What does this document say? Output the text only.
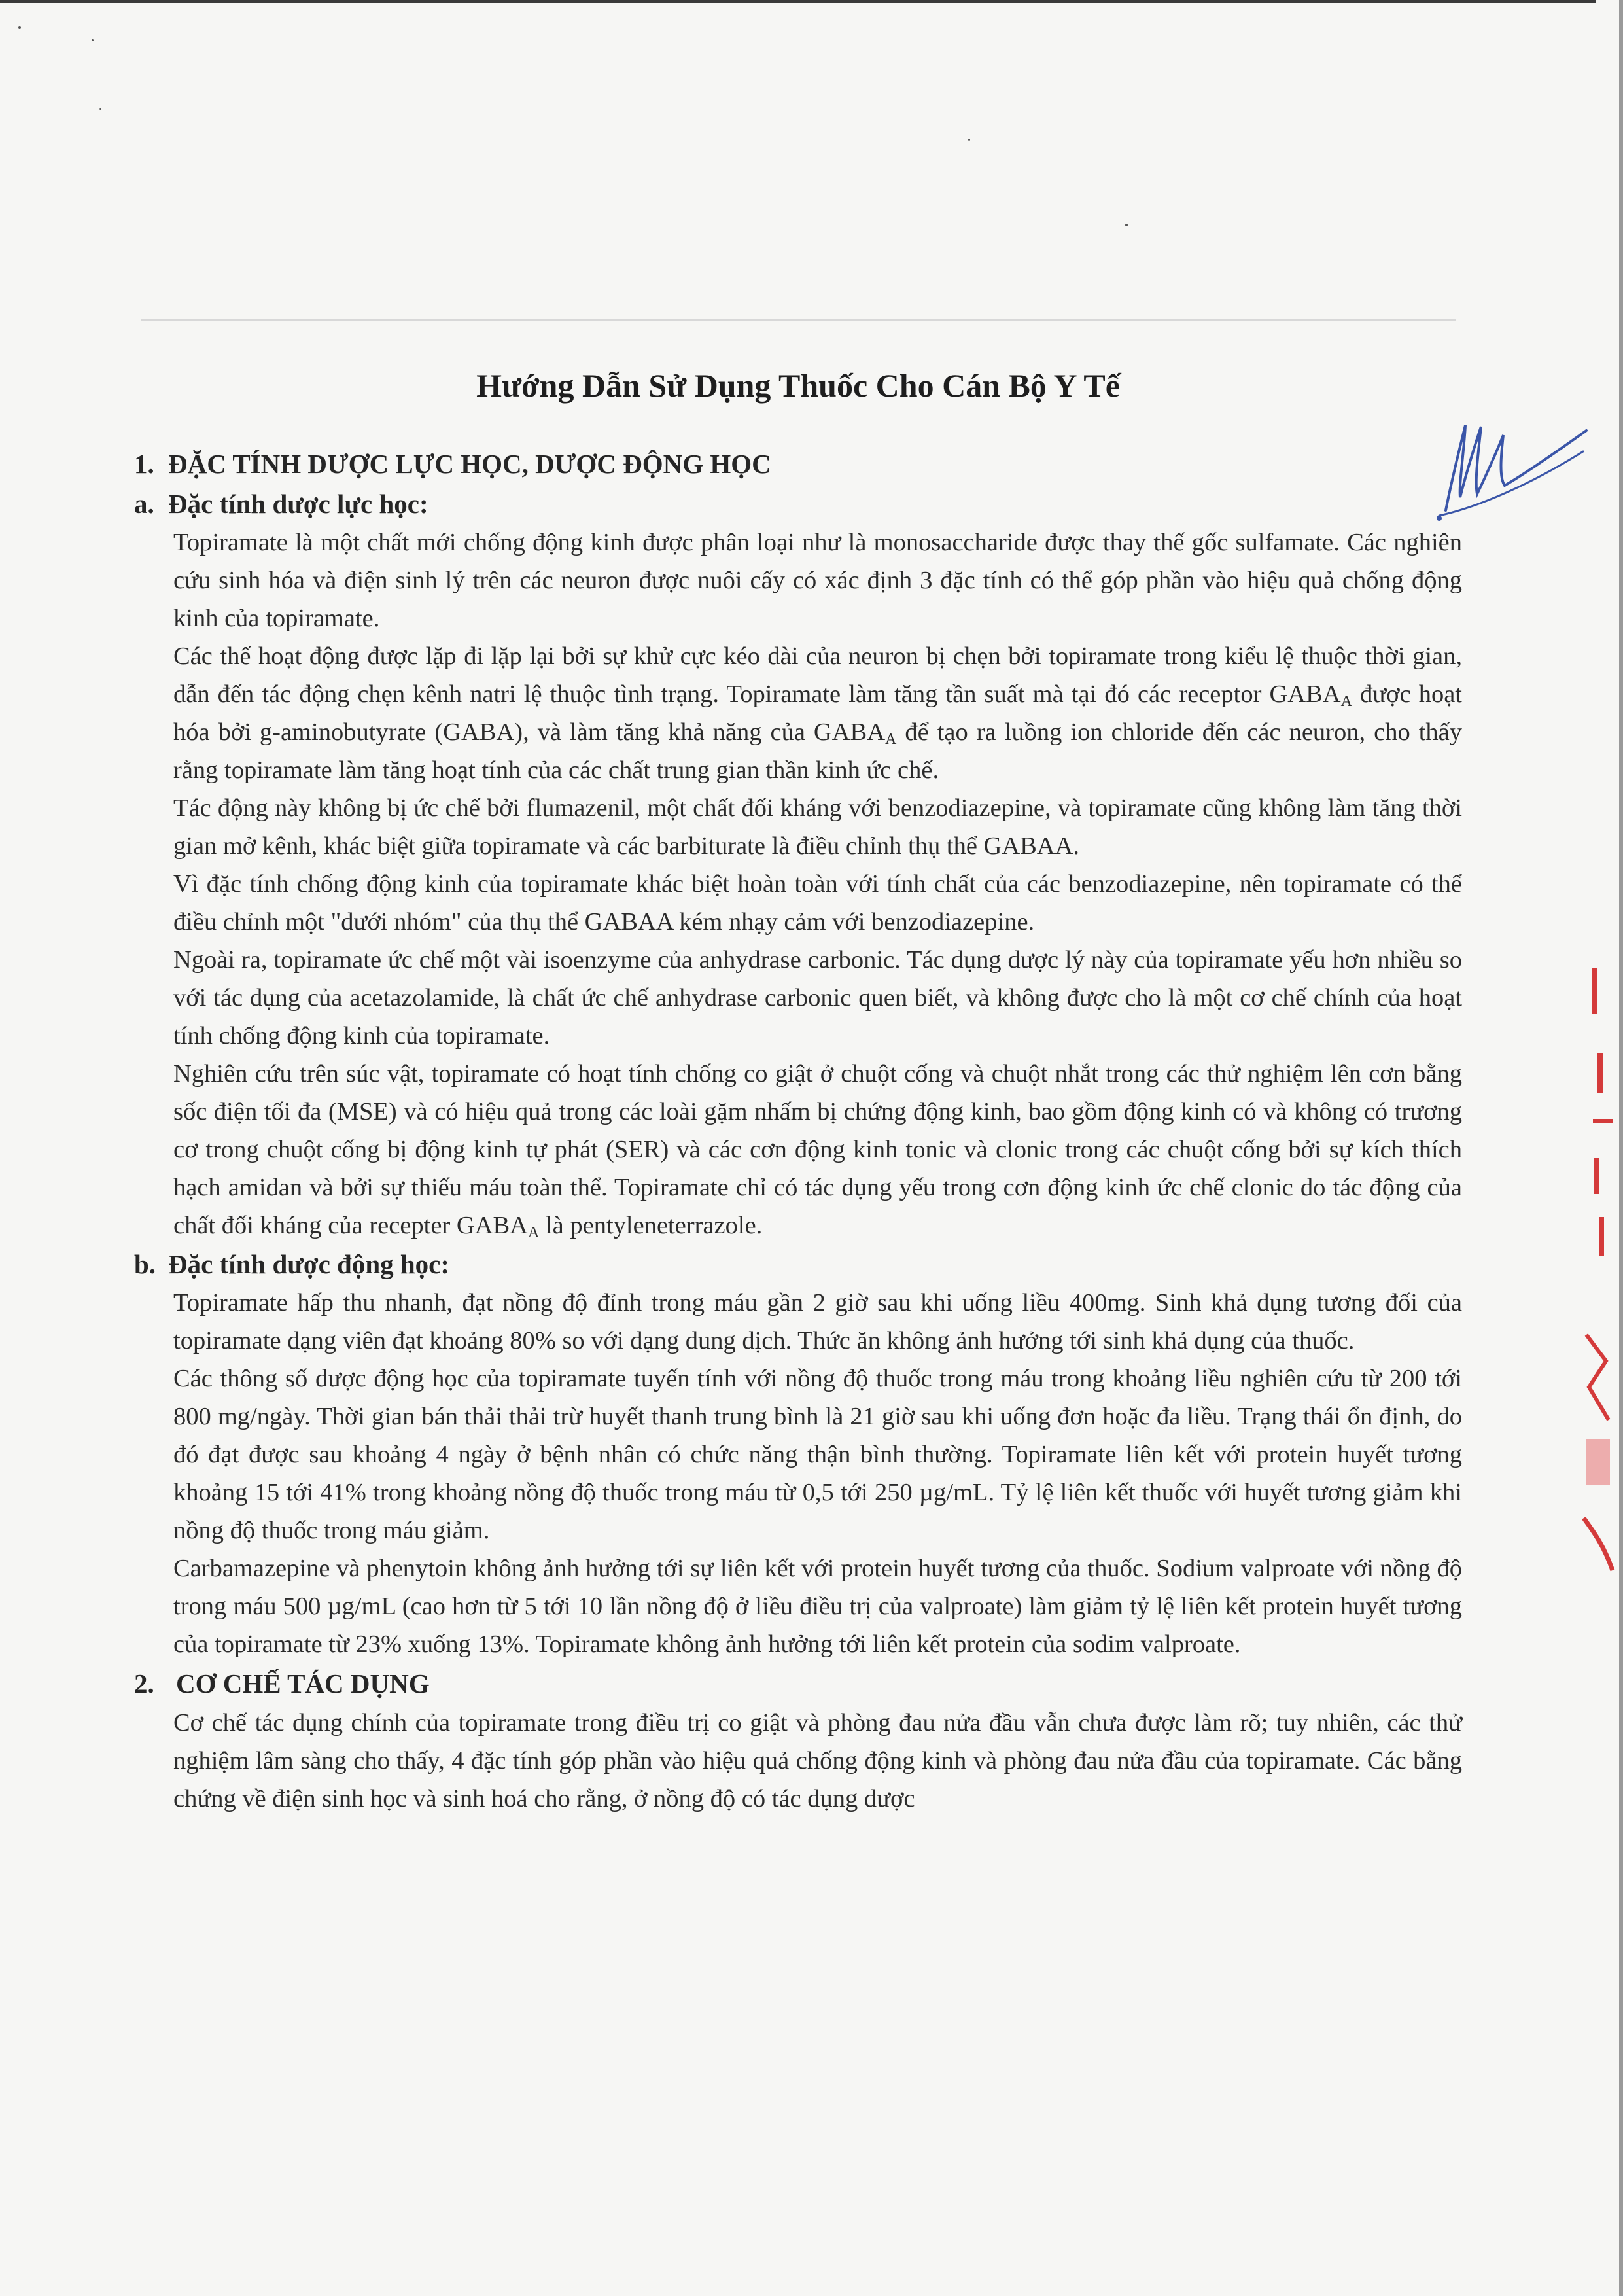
Hướng Dẫn Sử Dụng Thuốc Cho Cán Bộ Y Tế
1. ĐẶC TÍNH DƯỢC LỰC HỌC, DƯỢC ĐỘNG HỌC
a. Đặc tính dược lực học:

Topiramate là một chất mới chống động kinh được phân loại như là monosaccharide được thay thế gốc sulfamate. Các nghiên cứu sinh hóa và điện sinh lý trên các neuron được nuôi cấy có xác định 3 đặc tính có thể góp phần vào hiệu quả chống động kinh của topiramate.

Các thế hoạt động được lặp đi lặp lại bởi sự khử cực kéo dài của neuron bị chẹn bởi topiramate trong kiểu lệ thuộc thời gian, dẫn đến tác động chẹn kênh natri lệ thuộc tình trạng. Topiramate làm tăng tần suất mà tại đó các receptor $GABA_A$ được hoạt hóa bởi g-aminobutyrate (GABA), và làm tăng khả năng của $GABA_A$ để tạo ra luồng ion chloride đến các neuron, cho thấy rằng topiramate làm tăng hoạt tính của các chất trung gian thần kinh ức chế.

Tác động này không bị ức chế bởi flumazenil, một chất đối kháng với benzodiazepine, và topiramate cũng không làm tăng thời gian mở kênh, khác biệt giữa topiramate và các barbiturate là điều chỉnh thụ thể GABAA.

Vì đặc tính chống động kinh của topiramate khác biệt hoàn toàn với tính chất của các benzodiazepine, nên topiramate có thể điều chỉnh một "dưới nhóm" của thụ thể GABAA kém nhạy cảm với benzodiazepine.

Ngoài ra, topiramate ức chế một vài isoenzyme của anhydrase carbonic. Tác dụng dược lý này của topiramate yếu hơn nhiều so với tác dụng của acetazolamide, là chất ức chế anhydrase carbonic quen biết, và không được cho là một cơ chế chính của hoạt tính chống động kinh của topiramate.

Nghiên cứu trên súc vật, topiramate có hoạt tính chống co giật ở chuột cống và chuột nhắt trong các thử nghiệm lên cơn bằng sốc điện tối đa (MSE) và có hiệu quả trong các loài gặm nhấm bị chứng động kinh, bao gồm động kinh có và không có trương cơ trong chuột cống bị động kinh tự phát (SER) và các cơn động kinh tonic và clonic trong các chuột cống bởi sự kích thích hạch amidan và bởi sự thiếu máu toàn thể. Topiramate chỉ có tác dụng yếu trong cơn động kinh ức chế clonic do tác động của chất đối kháng của recepter $GABA_A$ là pentyleneterrazole.

b. Đặc tính dược động học:

Topiramate hấp thu nhanh, đạt nồng độ đỉnh trong máu gần 2 giờ sau khi uống liều 400mg. Sinh khả dụng tương đối của topiramate dạng viên đạt khoảng 80% so với dạng dung dịch. Thức ăn không ảnh hưởng tới sinh khả dụng của thuốc.

Các thông số dược động học của topiramate tuyến tính với nồng độ thuốc trong máu trong khoảng liều nghiên cứu từ 200 tới 800 mg/ngày. Thời gian bán thải thải trừ huyết thanh trung bình là 21 giờ sau khi uống đơn hoặc đa liều. Trạng thái ổn định, do đó đạt được sau khoảng 4 ngày ở bệnh nhân có chức năng thận bình thường. Topiramate liên kết với protein huyết tương khoảng 15 tới 41% trong khoảng nồng độ thuốc trong máu từ 0,5 tới 250 µg/mL. Tỷ lệ liên kết thuốc với huyết tương giảm khi nồng độ thuốc trong máu giảm.

Carbamazepine và phenytoin không ảnh hưởng tới sự liên kết với protein huyết tương của thuốc. Sodium valproate với nồng độ trong máu 500 µg/mL (cao hơn từ 5 tới 10 lần nồng độ ở liều điều trị của valproate) làm giảm tỷ lệ liên kết protein huyết tương của topiramate từ 23% xuống 13%. Topiramate không ảnh hưởng tới liên kết protein của sodim valproate.

2. CƠ CHẾ TÁC DỤNG

Cơ chế tác dụng chính của topiramate trong điều trị co giật và phòng đau nửa đầu vẫn chưa được làm rõ; tuy nhiên, các thử nghiệm lâm sàng cho thấy, 4 đặc tính góp phần vào hiệu quả chống động kinh và phòng đau nửa đầu của topiramate. Các bằng chứng về điện sinh học và sinh hoá cho rằng, ở nồng độ có tác dụng dược
